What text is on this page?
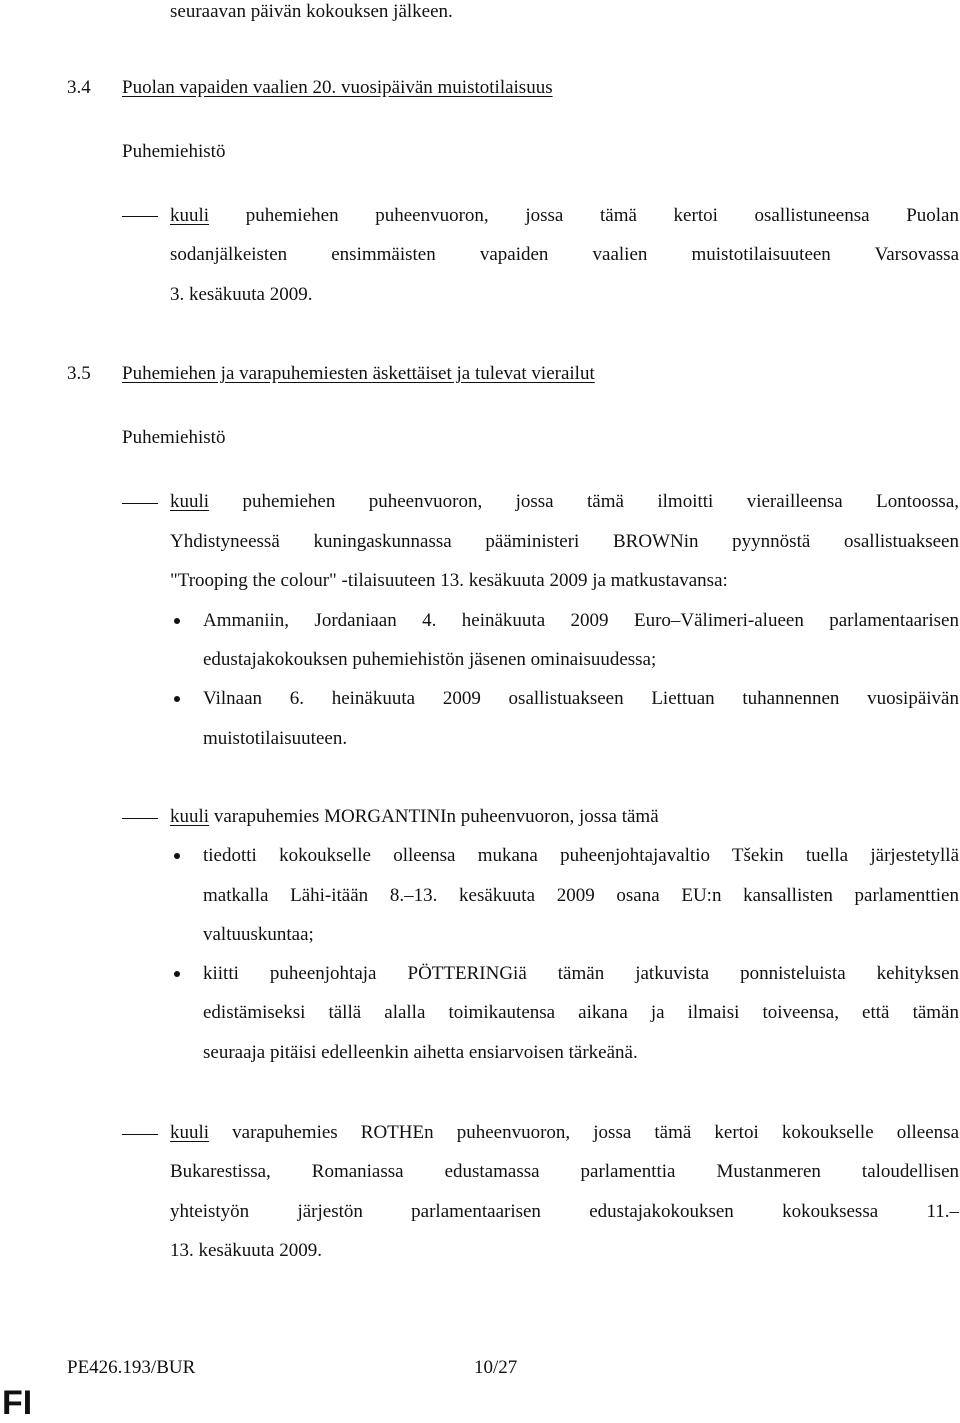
seuraavan päivän kokouksen jälkeen.
3.4 Puolan vapaiden vaalien 20. vuosipäivän muistotilaisuus
Puhemiehistö
kuuli puhemiehen puheenvuoron, jossa tämä kertoi osallistuneensa Puolan
sodanjälkeisten ensimmäisten vapaiden vaalien muistotilaisuuteen Varsovassa
3. kesäkuuta 2009.
3.5 Puhemiehen ja varapuhemiesten äskettäiset ja tulevat vierailut
Puhemiehistö
kuuli puhemiehen puheenvuoron, jossa tämä ilmoitti vierailleensa Lontoossa,
Yhdistyneessä kuningaskunnassa pääministeri BROWNin pyynnöstä osallistuakseen
"Trooping the colour" -tilaisuuteen 13. kesäkuuta 2009 ja matkustavansa:
Ammaniin, Jordaniaan 4. heinäkuuta 2009 Euro–Välimeri-alueen parlamentaarisen
edustajakokouksen puhemiehistön jäsenen ominaisuudessa;
Vilnaan 6. heinäkuuta 2009 osallistuakseen Liettuan tuhannennen vuosipäivän
muistotilaisuuteen.
kuuli varapuhemies MORGANTINIn puheenvuoron, jossa tämä
tiedotti kokoukselle olleensa mukana puheenjohtajavaltio Tšekin tuella järjestetyllä
matkalla Lähi-itään 8.–13. kesäkuuta 2009 osana EU:n kansallisten parlamenttien
valtuuskuntaa;
kiitti puheenjohtaja PÖTTERINGiä tämän jatkuvista ponnisteluista kehityksen
edistämiseksi tällä alalla toimikautensa aikana ja ilmaisi toiveensa, että tämän
seuraaja pitäisi edelleenkin aihetta ensiarvoisen tärkeänä.
kuuli varapuhemies ROTHEn puheenvuoron, jossa tämä kertoi kokoukselle olleensa
Bukarestissa, Romaniassa edustamassa parlamenttia Mustanmeren taloudellisen
yhteistyön järjestön parlamentaarisen edustajakokouksen kokouksessa 11.–
13. kesäkuuta 2009.
PE426.193/BUR	10/27
FI
